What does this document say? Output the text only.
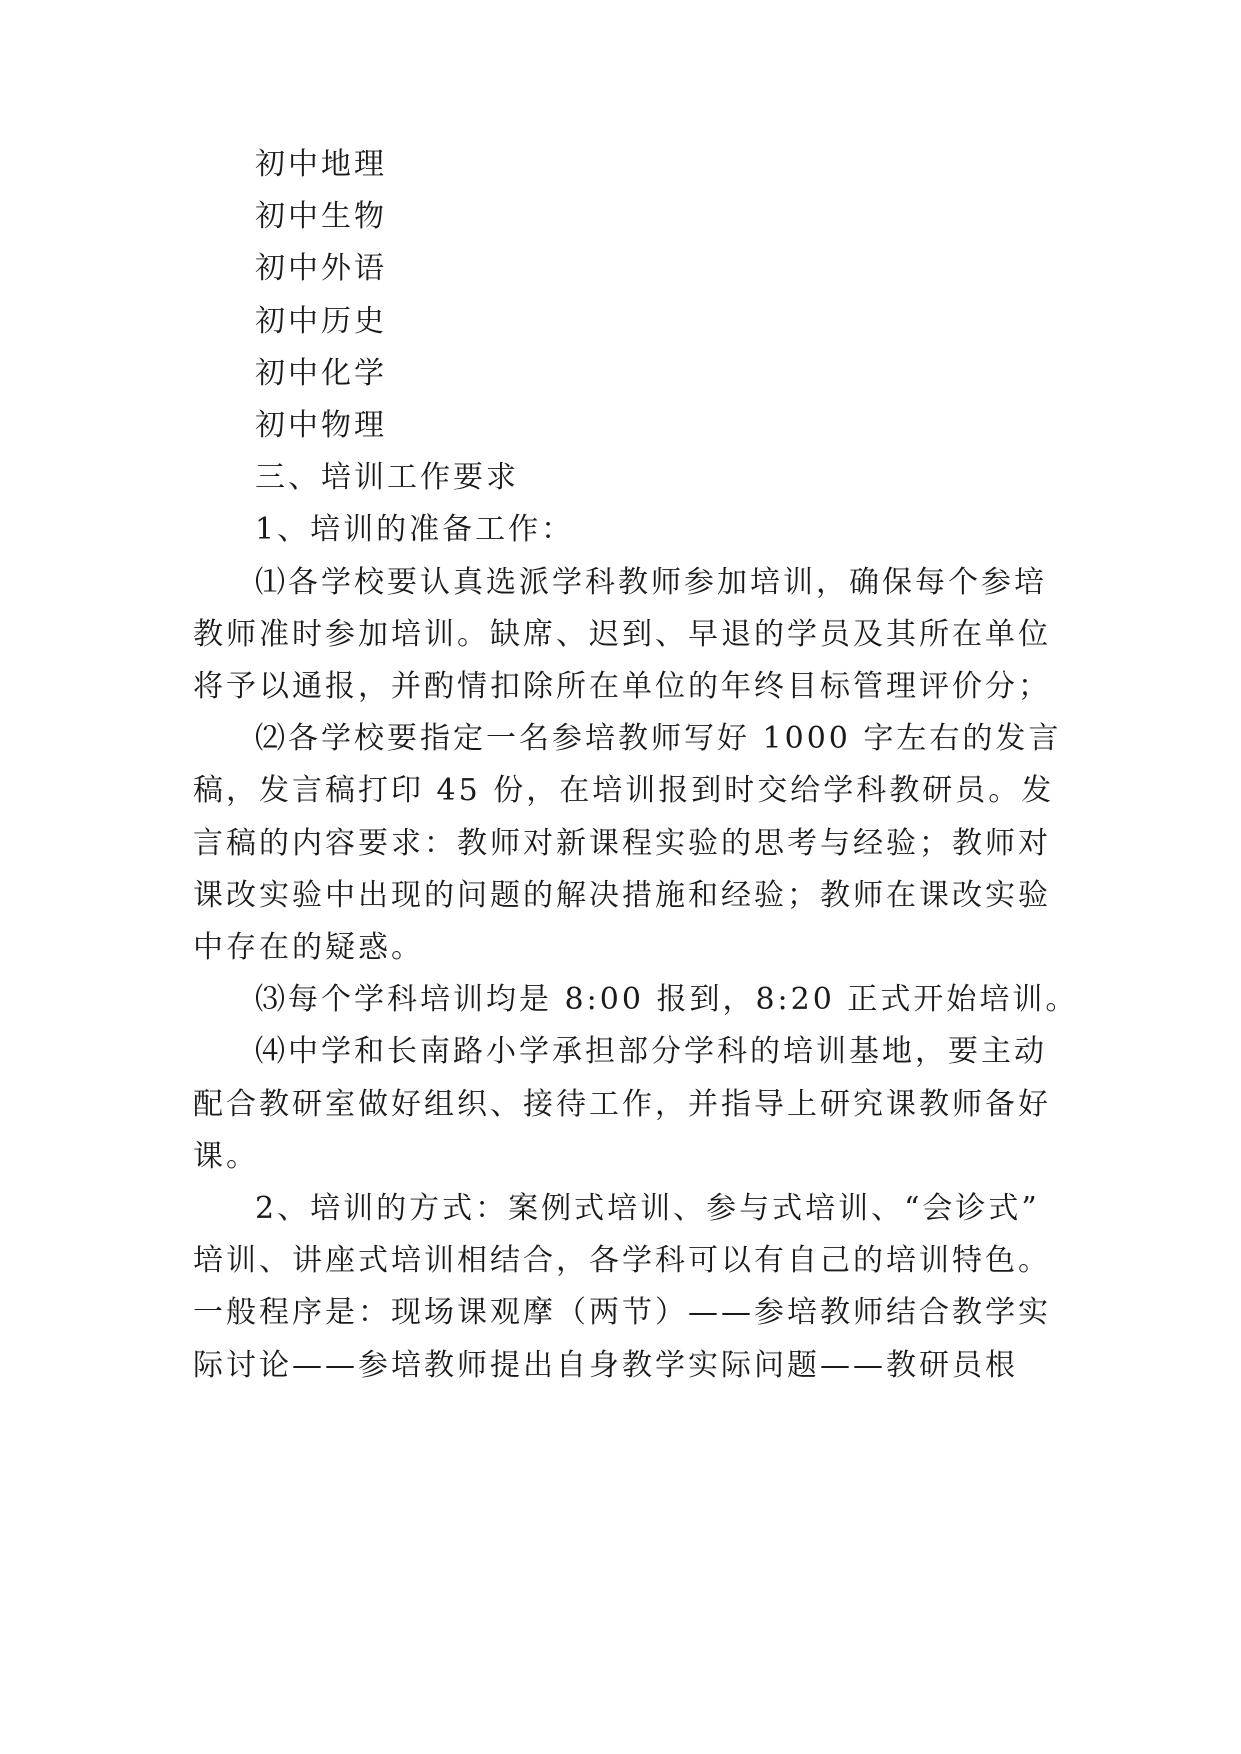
初中地理
初中生物
初中外语
初中历史
初中化学
初中物理
三、培训工作要求
1、培训的准备工作：
⑴各学校要认真选派学科教师参加培训，确保每个参培
教师准时参加培训。缺席、迟到、早退的学员及其所在单位
将予以通报，并酌情扣除所在单位的年终目标管理评价分；
⑵各学校要指定一名参培教师写好 1000 字左右的发言
稿，发言稿打印 45 份，在培训报到时交给学科教研员。发
言稿的内容要求：教师对新课程实验的思考与经验；教师对
课改实验中出现的问题的解决措施和经验；教师在课改实验
中存在的疑惑。
⑶每个学科培训均是 8:00 报到，8:20 正式开始培训。
⑷中学和长南路小学承担部分学科的培训基地，要主动
配合教研室做好组织、接待工作，并指导上研究课教师备好
课。
2、培训的方式：案例式培训、参与式培训、“会诊式”
培训、讲座式培训相结合，各学科可以有自己的培训特色。
一般程序是：现场课观摩（两节）——参培教师结合教学实
际讨论——参培教师提出自身教学实际问题——教研员根
